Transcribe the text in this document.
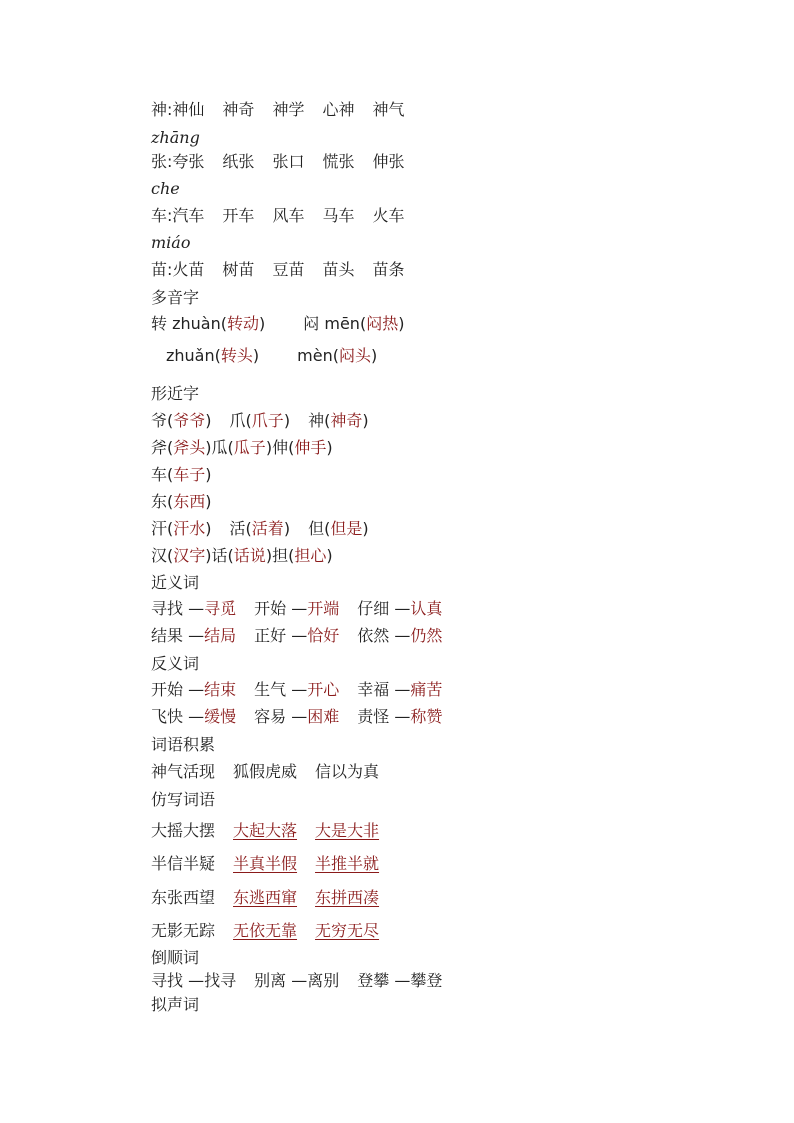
神:神仙 神奇 神学 心神 神气
zhāng
张:夸张 纸张 张口 慌张 伸张
che
车:汽车 开车 风车 马车 火车
miáo
苗:火苗 树苗 豆苗 苗头 苗条
多音字
转 zhuàn(转动) 闷 mēn(闷热)
zhuǎn(转头) mèn(闷头)
形近字
爷(爷爷) 爪(爪子) 神(神奇)
斧(斧头)瓜(瓜子)伸(伸手)
车(车子)
东(东西)
汗(汗水) 活(活着) 但(但是)
汉(汉字)话(话说)担(担心)
近义词
寻找 —寻觅 开始 —开端 仔细 —认真
结果 —结局 正好 —恰好 依然 —仍然
反义词
开始 —结束 生气 —开心 幸福 —痛苦
飞快 —缓慢 容易 —困难 责怪 —称赞
词语积累
神气活现 狐假虎威 信以为真
仿写词语
大摇大摆 大起大落 大是大非
半信半疑 半真半假 半推半就
东张西望 东逃西窜 东拼西凑
无影无踪 无依无靠 无穷无尽
倒顺词
寻找 —找寻 别离 —离别 登攀 —攀登
拟声词
